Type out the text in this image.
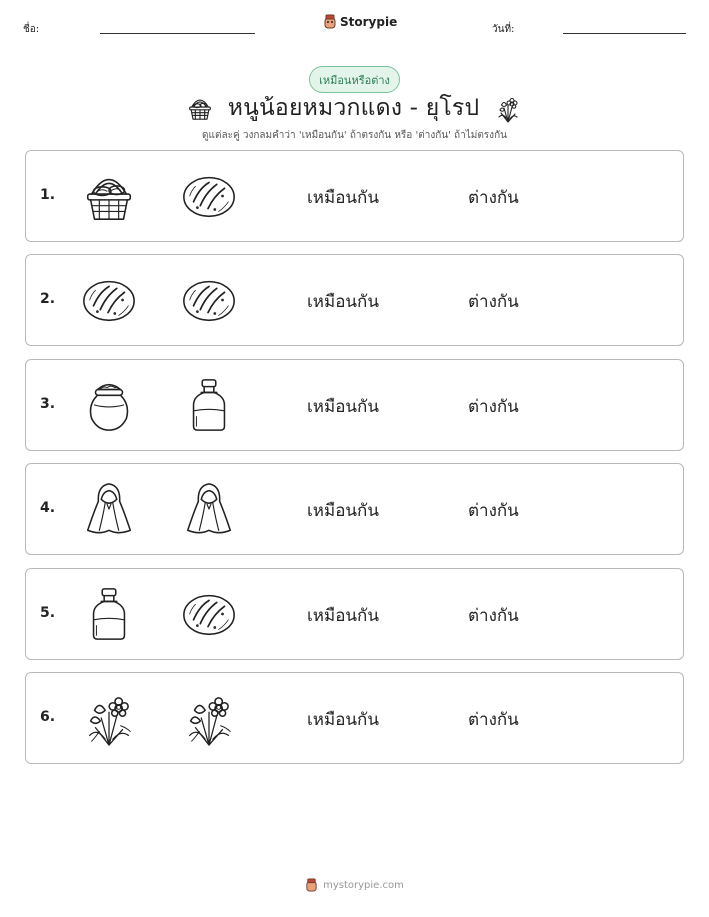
ชื่อ:
Storypie
วันที่:
เหมือนหรือต่าง
หนูน้อยหมวกแดง - ยุโรป
ดูแต่ละคู่ วงกลมคำว่า 'เหมือนกัน' ถ้าตรงกัน หรือ 'ต่างกัน' ถ้าไม่ตรงกัน
1.	เหมือนกัน	ต่างกัน
2.	เหมือนกัน	ต่างกัน
3.	เหมือนกัน	ต่างกัน
4.	เหมือนกัน	ต่างกัน
5.	เหมือนกัน	ต่างกัน
6.	เหมือนกัน	ต่างกัน
mystorypie.com
